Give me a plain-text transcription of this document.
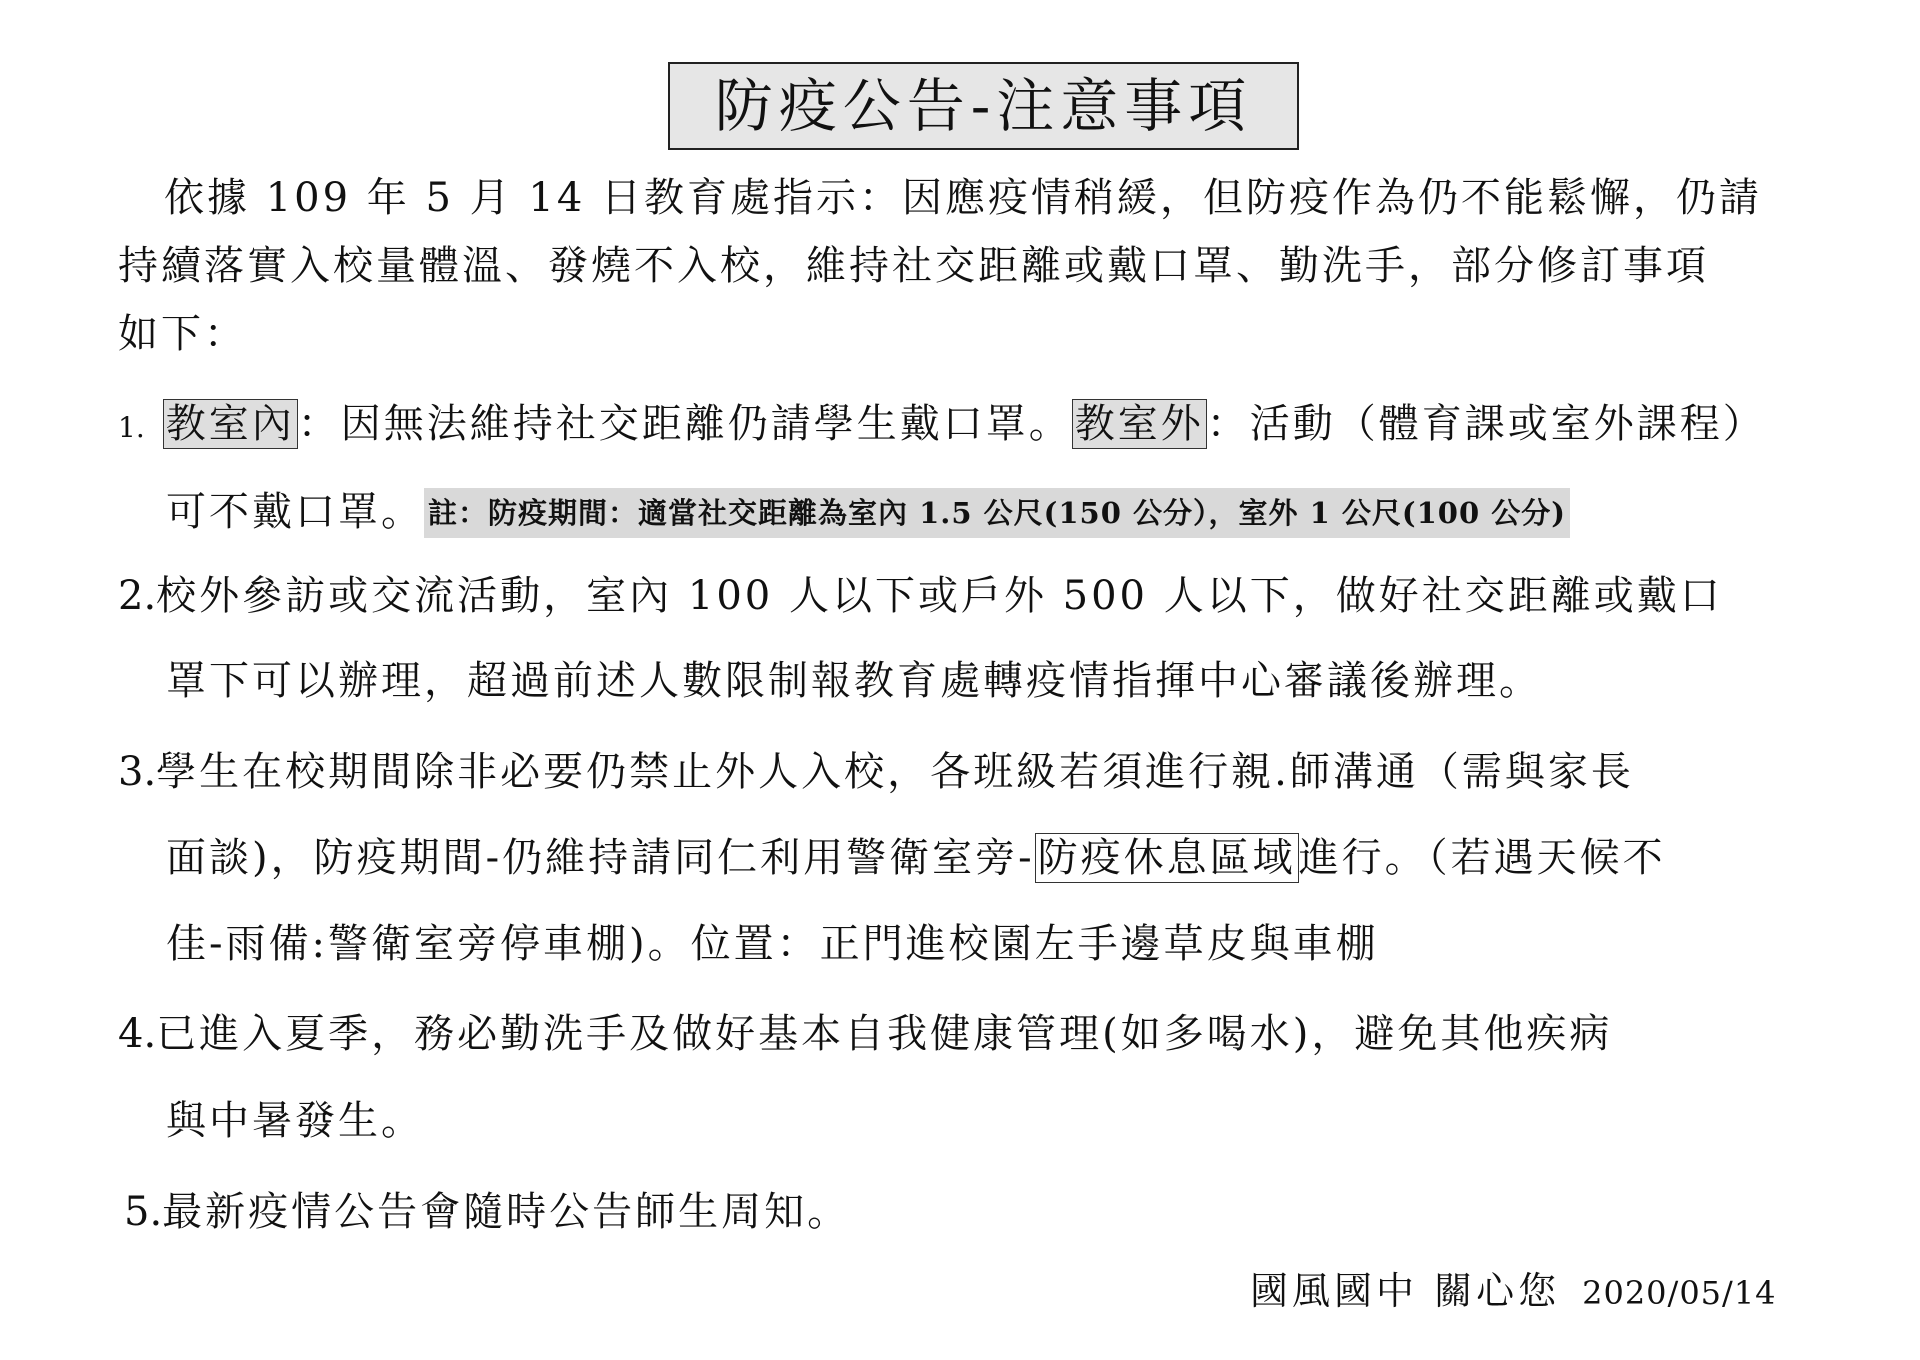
防疫公告-注意事項
依據 109 年 5 月 14 日教育處指示：因應疫情稍緩，但防疫作為仍不能鬆懈，仍請
持續落實入校量體溫、發燒不入校，維持社交距離或戴口罩、勤洗手，部分修訂事項
如下：
1. 教室內：因無法維持社交距離仍請學生戴口罩。教室外：活動（體育課或室外課程）
可不戴口罩。 註：防疫期間：適當社交距離為室內 1.5 公尺(150 公分），室外 1 公尺(100 公分)
2.校外參訪或交流活動，室內 100 人以下或戶外 500 人以下，做好社交距離或戴口
罩下可以辦理，超過前述人數限制報教育處轉疫情指揮中心審議後辦理。
3.學生在校期間除非必要仍禁止外人入校，各班級若須進行親.師溝通（需與家長
面談)，防疫期間-仍維持請同仁利用警衛室旁-防疫休息區域進行。（若遇天候不
佳-雨備:警衛室旁停車棚)。位置：正門進校園左手邊草皮與車棚
4.已進入夏季，務必勤洗手及做好基本自我健康管理(如多喝水)，避免其他疾病
與中暑發生。
5.最新疫情公告會隨時公告師生周知。
國風國中 關心您 2020/05/14
